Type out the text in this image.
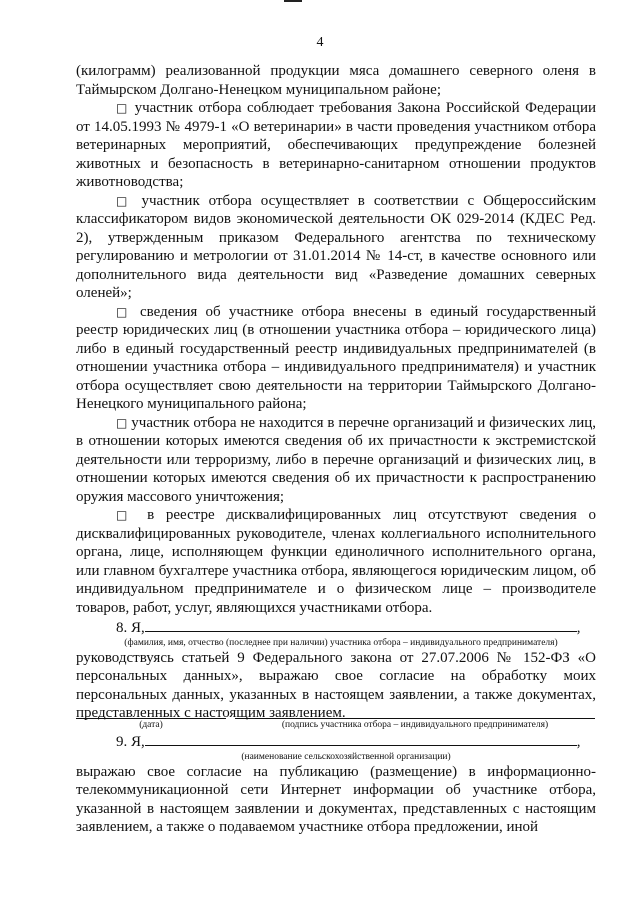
4

(килограмм) реализованной продукции мяса домашнего северного оленя в Таймырском Долгано-Ненецком муниципальном районе;

□ участник отбора соблюдает требования Закона Российской Федерации от 14.05.1993 № 4979-1 «О ветеринарии» в части проведения участником отбора ветеринарных мероприятий, обеспечивающих предупреждение болезней животных и безопасность в ветеринарно-санитарном отношении продуктов животноводства;

□ участник отбора осуществляет в соответствии с Общероссийским классификатором видов экономической деятельности ОК 029-2014 (КДЕС Ред. 2), утвержденным приказом Федерального агентства по техническому регулированию и метрологии от 31.01.2014 № 14-ст, в качестве основного или дополнительного вида деятельности вид «Разведение домашних северных оленей»;

□ сведения об участнике отбора внесены в единый государственный реестр юридических лиц (в отношении участника отбора – юридического лица) либо в единый государственный реестр индивидуальных предпринимателей (в отношении участника отбора – индивидуального предпринимателя) и участник отбора осуществляет свою деятельности на территории Таймырского Долгано-Ненецкого муниципального района;

□ участник отбора не находится в перечне организаций и физических лиц, в отношении которых имеются сведения об их причастности к экстремистской деятельности или терроризму, либо в перечне организаций и физических лиц, в отношении которых имеются сведения об их причастности к распространению оружия массового уничтожения;

□ в реестре дисквалифицированных лиц отсутствуют сведения о дисквалифицированных руководителе, членах коллегиального исполнительного органа, лице, исполняющем функции единоличного исполнительного органа, или главном бухгалтере участника отбора, являющегося юридическим лицом, об индивидуальном предпринимателе и о физическом лице – производителе товаров, работ, услуг, являющихся участниками отбора.

8. Я,	,

(фамилия, имя, отчество (последнее при наличии) участника отбора – индивидуального предпринимателя)

руководствуясь статьей 9 Федерального закона от 27.07.2006 № 152-ФЗ «О персональных данных», выражаю свое согласие на обработку моих персональных данных, указанных в настоящем заявлении, а также документах, представленных с настоящим заявлением.

(дата)	(подпись участника отбора – индивидуального предпринимателя)

9. Я,	,

(наименование сельскохозяйственной организации)

выражаю свое согласие на публикацию (размещение) в информационно-телекоммуникационной сети Интернет информации об участнике отбора, указанной в настоящем заявлении и документах, представленных с настоящим заявлением, а также о подаваемом участнике отбора предложении, иной
